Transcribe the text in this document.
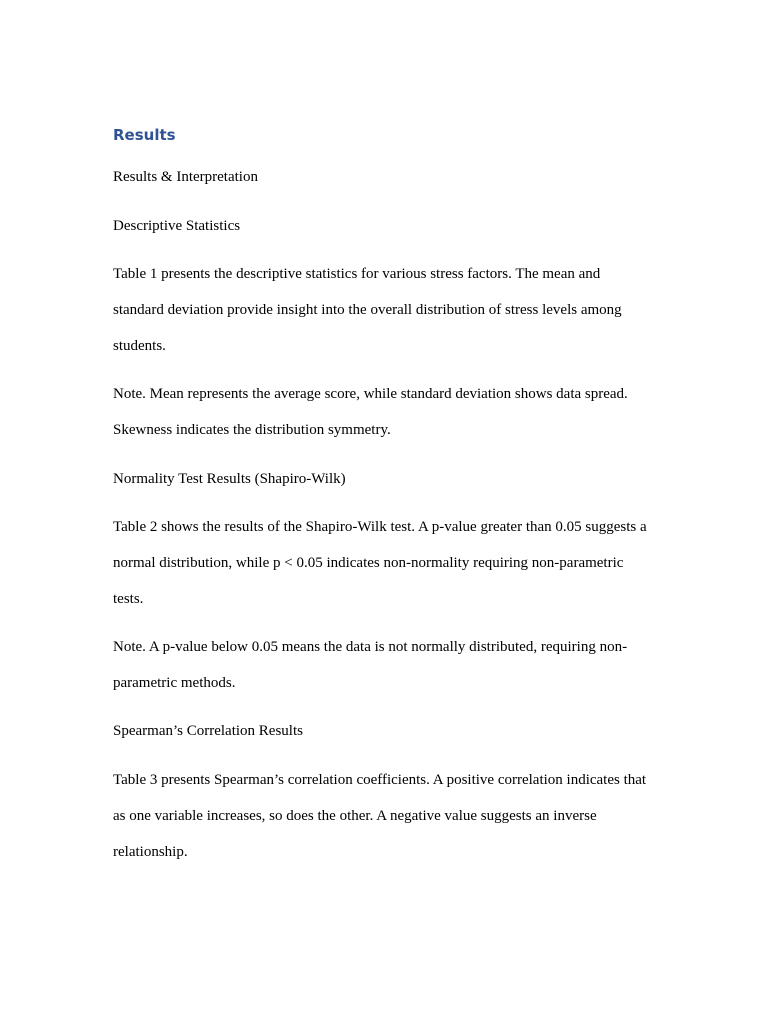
Results
Results & Interpretation
Descriptive Statistics
Table 1 presents the descriptive statistics for various stress factors. The mean and
standard deviation provide insight into the overall distribution of stress levels among
students.
Note. Mean represents the average score, while standard deviation shows data spread.
Skewness indicates the distribution symmetry.
Normality Test Results (Shapiro-Wilk)
Table 2 shows the results of the Shapiro-Wilk test. A p-value greater than 0.05 suggests a
normal distribution, while p < 0.05 indicates non-normality requiring non-parametric
tests.
Note. A p-value below 0.05 means the data is not normally distributed, requiring non-
parametric methods.
Spearman’s Correlation Results
Table 3 presents Spearman’s correlation coefficients. A positive correlation indicates that
as one variable increases, so does the other. A negative value suggests an inverse
relationship.
